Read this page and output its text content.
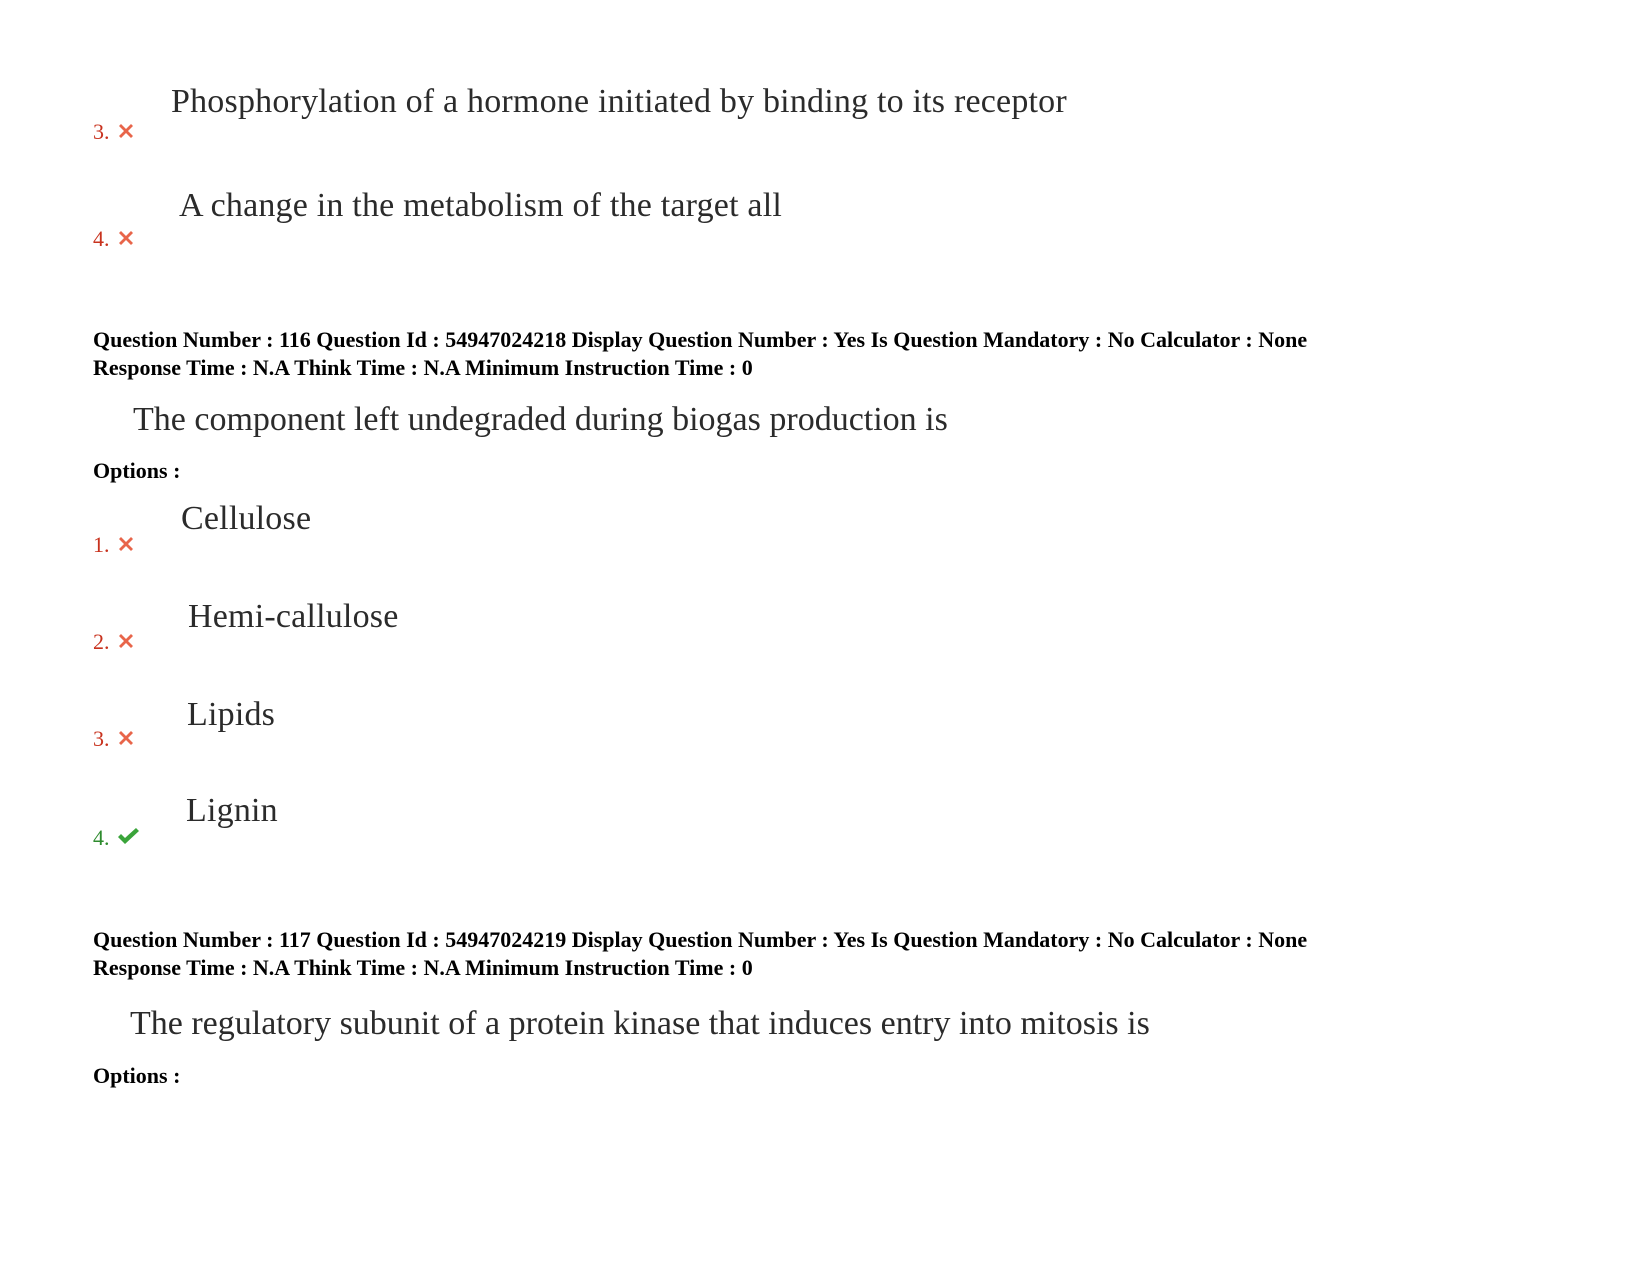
3.
Phosphorylation of a hormone initiated by binding to its receptor
4.
A change in the metabolism of the target all
Question Number : 116 Question Id : 54947024218 Display Question Number : Yes Is Question Mandatory : No Calculator : None
Response Time : N.A Think Time : N.A Minimum Instruction Time : 0
The component left undegraded during biogas production is
Options :
1.
Cellulose
2.
Hemi-callulose
3.
Lipids
4.
Lignin
Question Number : 117 Question Id : 54947024219 Display Question Number : Yes Is Question Mandatory : No Calculator : None
Response Time : N.A Think Time : N.A Minimum Instruction Time : 0
The regulatory subunit of a protein kinase that induces entry into mitosis is
Options :
